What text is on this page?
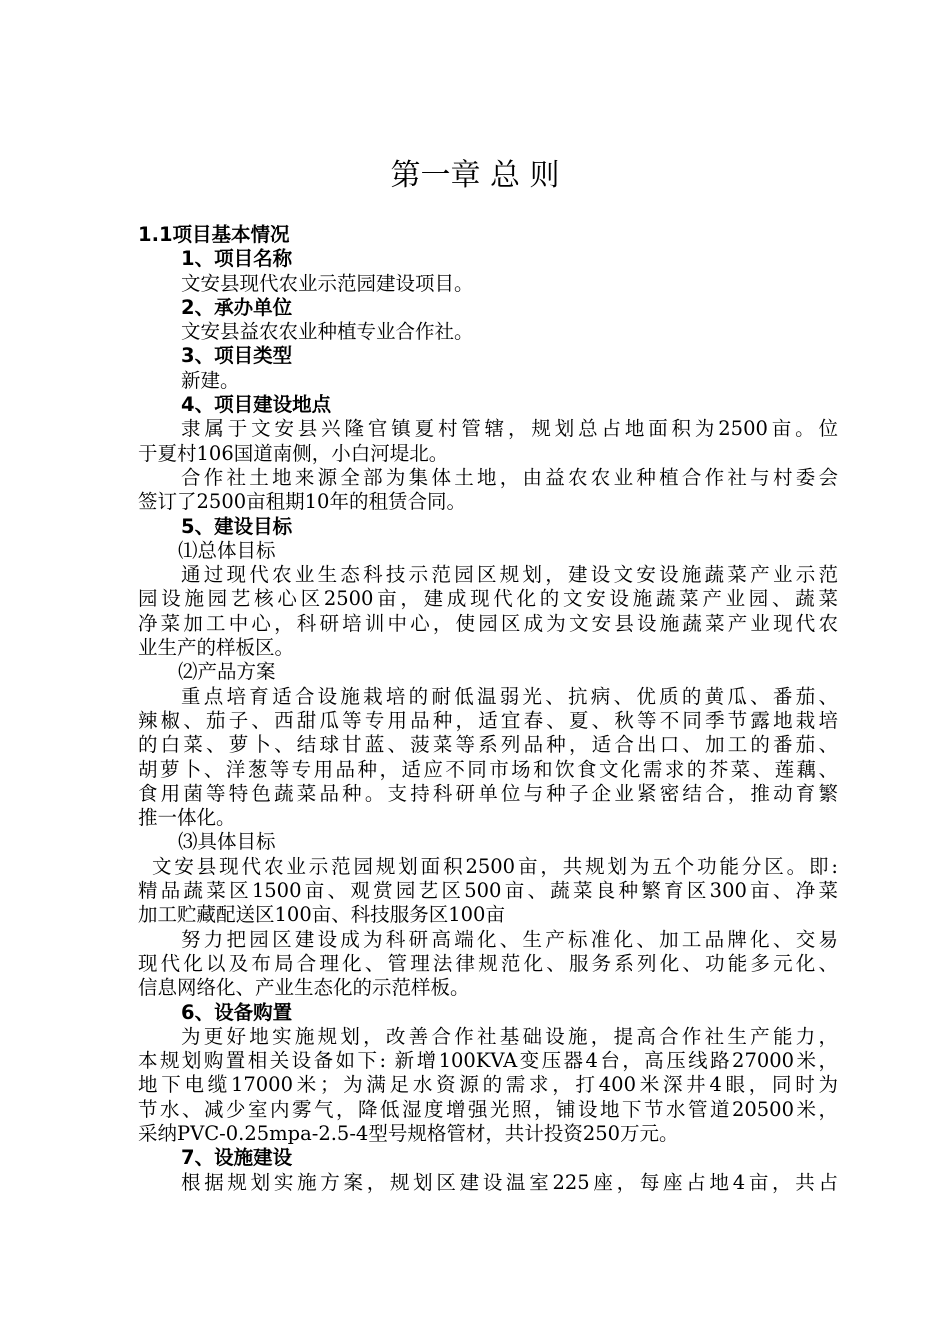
第一章 总 则
1.1项目基本情况
1、项目名称
文安县现代农业示范园建设项目。
2、承办单位
文安县益农农业种植专业合作社。
3、项目类型
新建。
4、项目建设地点
隶属于文安县兴隆官镇夏村管辖，规划总占地面积为2500亩。位
于夏村106国道南侧，小白河堤北。
合作社土地来源全部为集体土地，由益农农业种植合作社与村委会
签订了2500亩租期10年的租赁合同。
5、建设目标
⑴总体目标
通过现代农业生态科技示范园区规划，建设文安设施蔬菜产业示范
园设施园艺核心区2500亩，建成现代化的文安设施蔬菜产业园、蔬菜
净菜加工中心，科研培训中心，使园区成为文安县设施蔬菜产业现代农
业生产的样板区。
⑵产品方案
重点培育适合设施栽培的耐低温弱光、抗病、优质的黄瓜、番茄、
辣椒、茄子、西甜瓜等专用品种，适宜春、夏、秋等不同季节露地栽培
的白菜、萝卜、结球甘蓝、菠菜等系列品种，适合出口、加工的番茄、
胡萝卜、洋葱等专用品种，适应不同市场和饮食文化需求的芥菜、莲藕、
食用菌等特色蔬菜品种。支持科研单位与种子企业紧密结合，推动育繁
推一体化。
⑶具体目标
文安县现代农业示范园规划面积2500亩，共规划为五个功能分区。即:
精品蔬菜区1500亩、观赏园艺区500亩、蔬菜良种繁育区300亩、净菜
加工贮藏配送区100亩、科技服务区100亩
努力把园区建设成为科研高端化、生产标准化、加工品牌化、交易
现代化以及布局合理化、管理法律规范化、服务系列化、功能多元化、
信息网络化、产业生态化的示范样板。
6、设备购置
为更好地实施规划，改善合作社基础设施，提高合作社生产能力，
本规划购置相关设备如下: 新增100KVA变压器4台，高压线路27000米，
地下电缆17000米；为满足水资源的需求，打400米深井4眼，同时为
节水、减少室内雾气，降低湿度增强光照，铺设地下节水管道20500米，
采纳PVC-0.25mpa-2.5-4型号规格管材，共计投资250万元。
7、设施建设
根据规划实施方案，规划区建设温室225座，每座占地4亩，共占
